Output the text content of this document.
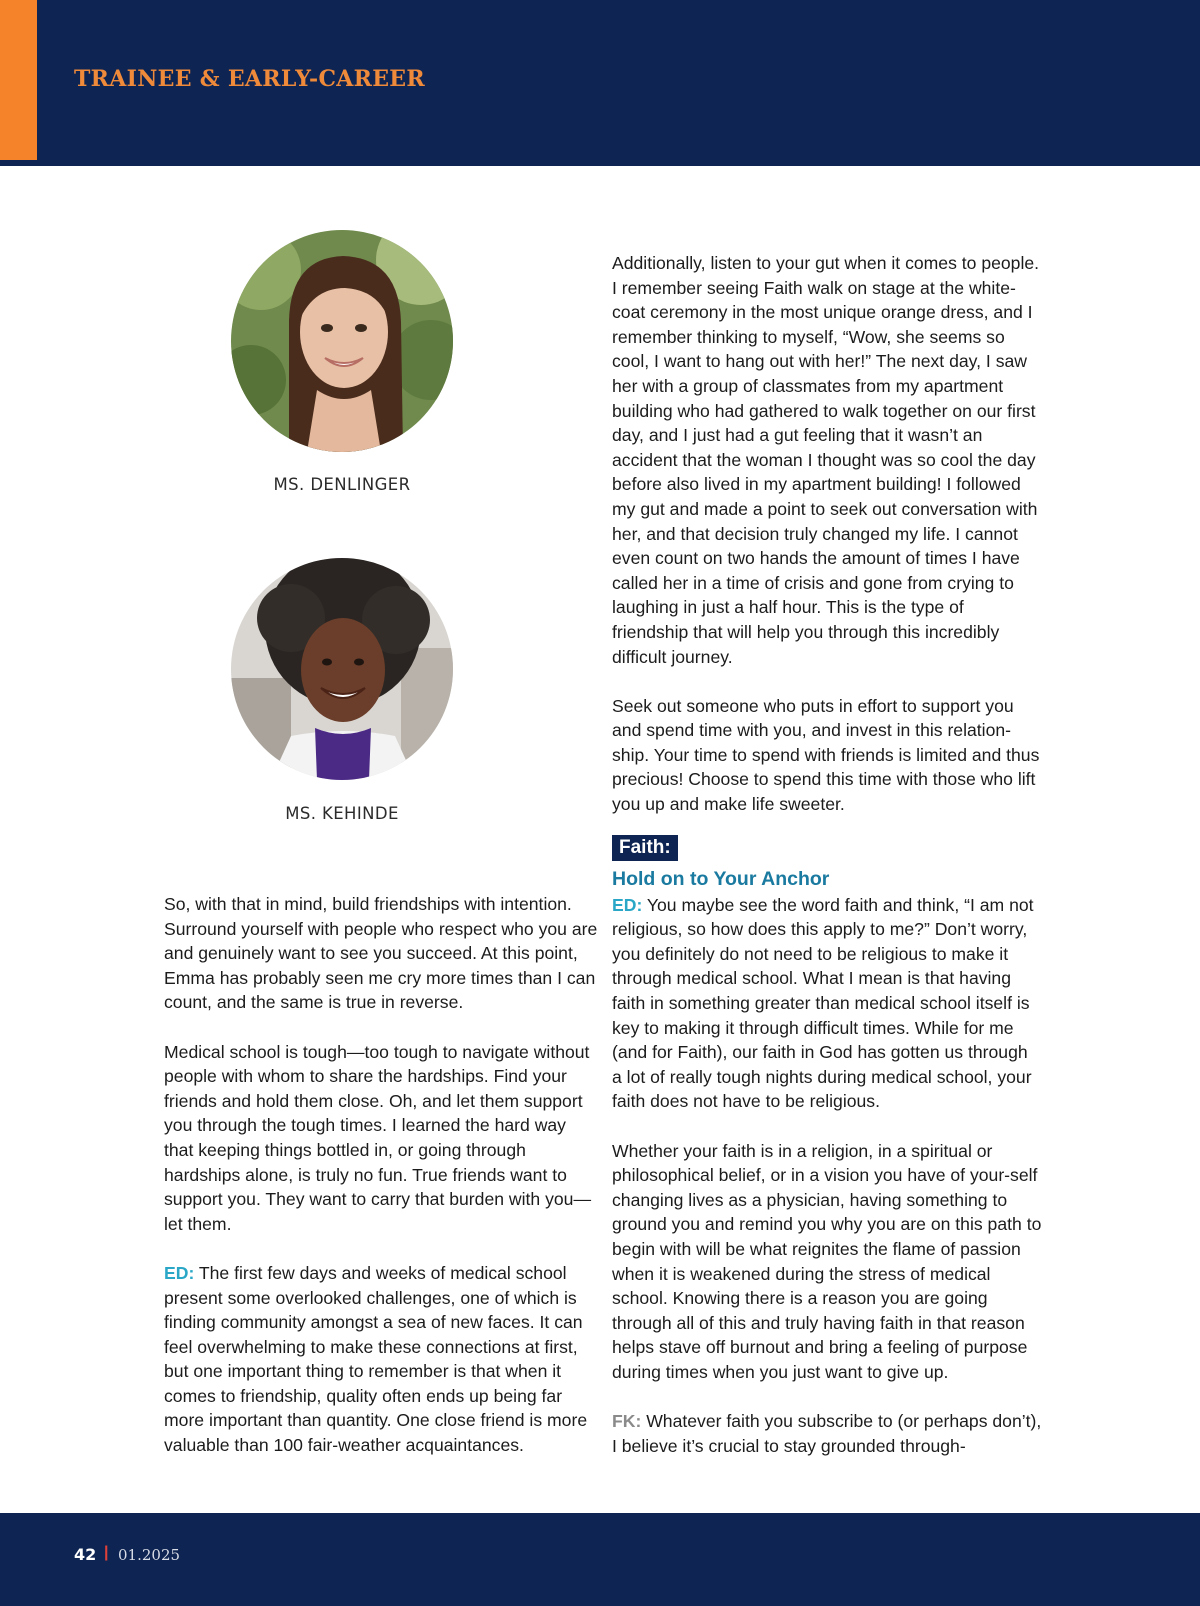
TRAINEE & EARLY-CAREER

MS. DENLINGER

MS. KEHINDE

So, with that in mind, build friendships with intention. Surround yourself with people who respect who you are and genuinely want to see you succeed. At this point, Emma has probably seen me cry more times than I can count, and the same is true in reverse.

Medical school is tough—too tough to navigate without people with whom to share the hardships. Find your friends and hold them close. Oh, and let them support you through the tough times. I learned the hard way that keeping things bottled in, or going through hardships alone, is truly no fun. True friends want to support you. They want to carry that burden with you—let them.

ED: The first few days and weeks of medical school present some overlooked challenges, one of which is finding community amongst a sea of new faces. It can feel overwhelming to make these connections at first, but one important thing to remember is that when it comes to friendship, quality often ends up being far more important than quantity. One close friend is more valuable than 100 fair-weather acquaintances.

Additionally, listen to your gut when it comes to people. I remember seeing Faith walk on stage at the white-coat ceremony in the most unique orange dress, and I remember thinking to myself, “Wow, she seems so cool, I want to hang out with her!” The next day, I saw her with a group of classmates from my apartment building who had gathered to walk together on our first day, and I just had a gut feeling that it wasn’t an accident that the woman I thought was so cool the day before also lived in my apartment building! I followed my gut and made a point to seek out conversation with her, and that decision truly changed my life. I cannot even count on two hands the amount of times I have called her in a time of crisis and gone from crying to laughing in just a half hour. This is the type of friendship that will help you through this incredibly difficult journey.

Seek out someone who puts in effort to support you and spend time with you, and invest in this relation-ship. Your time to spend with friends is limited and thus precious! Choose to spend this time with those who lift you up and make life sweeter.

Faith:
Hold on to Your Anchor

ED: You maybe see the word faith and think, “I am not religious, so how does this apply to me?” Don’t worry, you definitely do not need to be religious to make it through medical school. What I mean is that having faith in something greater than medical school itself is key to making it through difficult times. While for me (and for Faith), our faith in God has gotten us through a lot of really tough nights during medical school, your faith does not have to be religious.

Whether your faith is in a religion, in a spiritual or philosophical belief, or in a vision you have of your-self changing lives as a physician, having something to ground you and remind you why you are on this path to begin with will be what reignites the flame of passion when it is weakened during the stress of medical school. Knowing there is a reason you are going through all of this and truly having faith in that reason helps stave off burnout and bring a feeling of purpose during times when you just want to give up.

FK: Whatever faith you subscribe to (or perhaps don’t), I believe it’s crucial to stay grounded through-

42 | 01.2025
